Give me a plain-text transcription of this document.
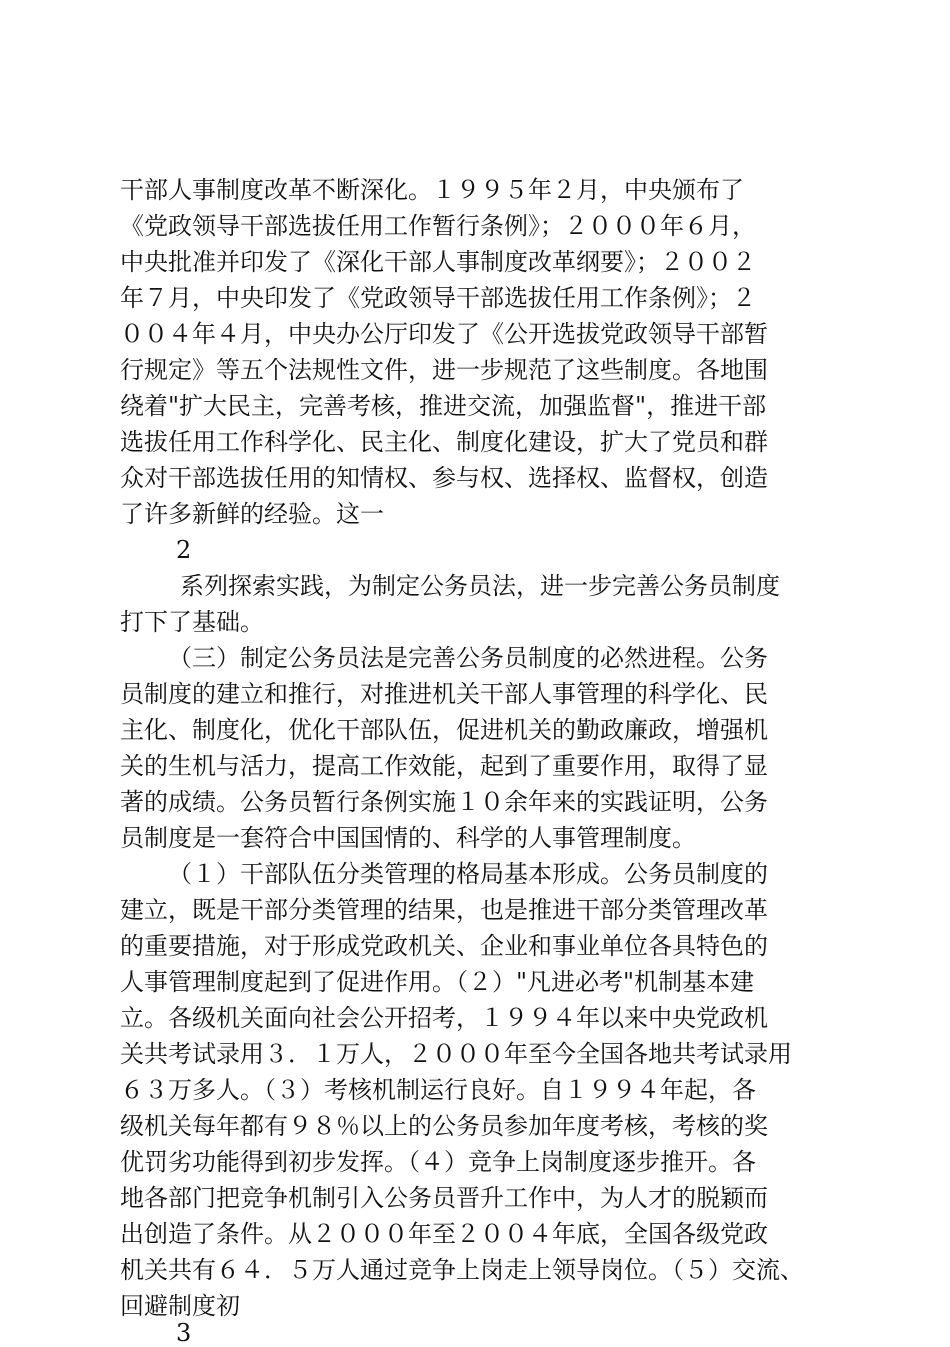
干部人事制度改革不断深化。１９９５年２月，中央颁布了
《党政领导干部选拔任用工作暂行条例》；２０００年６月，
中央批准并印发了《深化干部人事制度改革纲要》；２００２
年７月，中央印发了《党政领导干部选拔任用工作条例》；２
００４年４月，中央办公厅印发了《公开选拔党政领导干部暂
行规定》等五个法规性文件，进一步规范了这些制度。各地围
绕着"扩大民主，完善考核，推进交流，加强监督"，推进干部
选拔任用工作科学化、民主化、制度化建设，扩大了党员和群
众对干部选拔任用的知情权、参与权、选择权、监督权，创造
了许多新鲜的经验。这一
2
系列探索实践，为制定公务员法，进一步完善公务员制度
打下了基础。
（三）制定公务员法是完善公务员制度的必然进程。公务
员制度的建立和推行，对推进机关干部人事管理的科学化、民
主化、制度化，优化干部队伍，促进机关的勤政廉政，增强机
关的生机与活力，提高工作效能，起到了重要作用，取得了显
著的成绩。公务员暂行条例实施１０余年来的实践证明，公务
员制度是一套符合中国国情的、科学的人事管理制度。
（１）干部队伍分类管理的格局基本形成。公务员制度的
建立，既是干部分类管理的结果，也是推进干部分类管理改革
的重要措施，对于形成党政机关、企业和事业单位各具特色的
人事管理制度起到了促进作用。（２）"凡进必考"机制基本建
立。各级机关面向社会公开招考，１９９４年以来中央党政机
关共考试录用３．１万人，２０００年至今全国各地共考试录用
６３万多人。（３）考核机制运行良好。自１９９４年起，各
级机关每年都有９８％以上的公务员参加年度考核，考核的奖
优罚劣功能得到初步发挥。（４）竞争上岗制度逐步推开。各
地各部门把竞争机制引入公务员晋升工作中，为人才的脱颖而
出创造了条件。从２０００年至２００４年底，全国各级党政
机关共有６４．５万人通过竞争上岗走上领导岗位。（５）交流、
回避制度初
3
